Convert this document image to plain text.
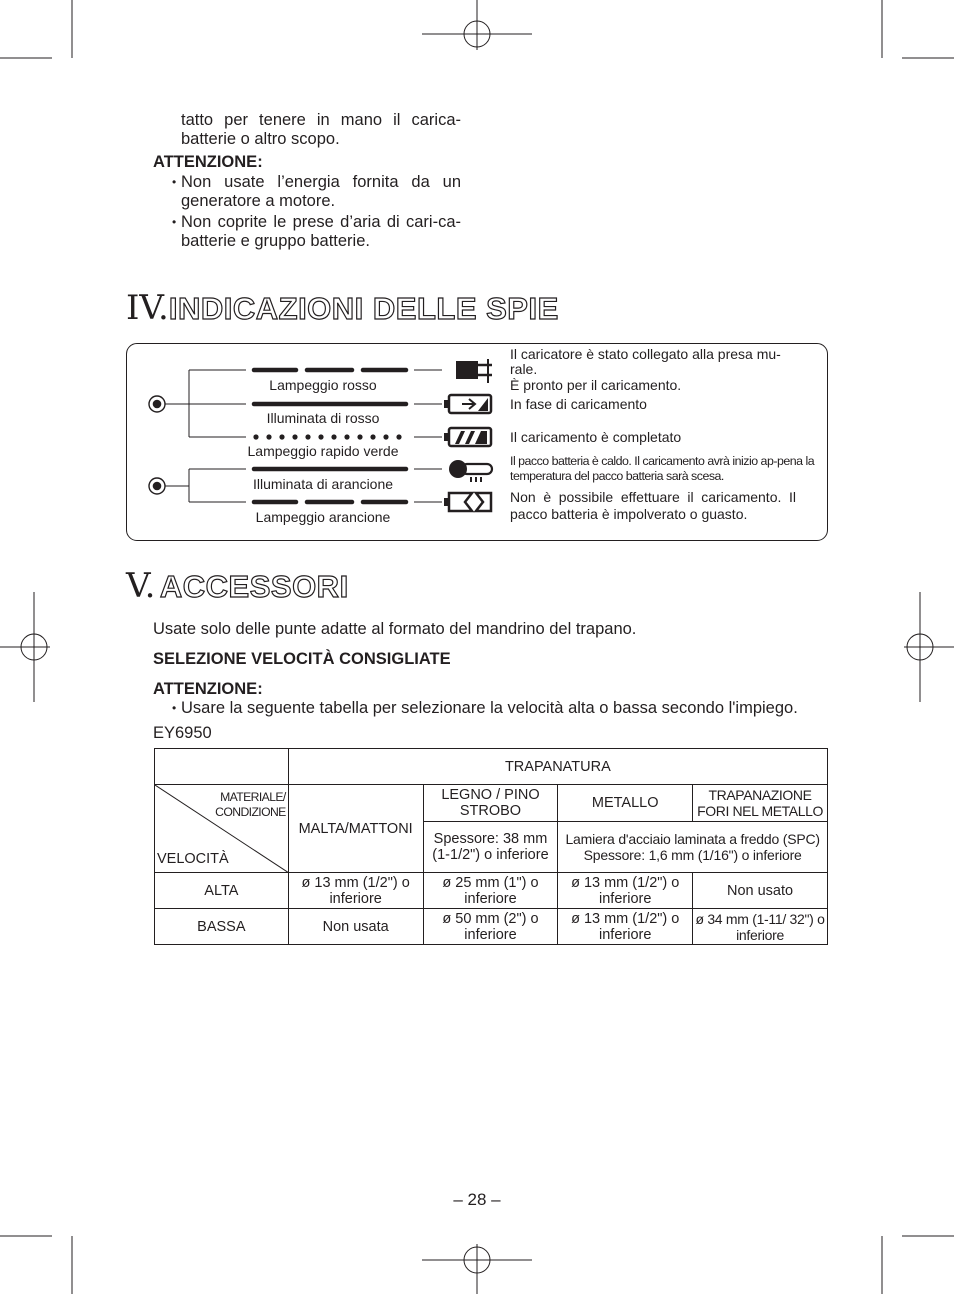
tatto per tenere in mano il carica-batterie o altro scopo.
ATTENZIONE:
• Non usate l’energia fornita da un generatore a motore.
• Non coprite le prese d’aria di cari-ca-batterie e gruppo batterie.
IV.INDICAZIONI DELLE SPIE
Lampeggio rosso
Illuminata di rosso
Lampeggio rapido verde
Illuminata di arancione
Lampeggio arancione
Il caricatore è stato collegato alla presa mu-rale.
È pronto per il caricamento.
In fase di caricamento
Il caricamento è completato
Il pacco batteria è caldo. Il caricamento avrà inizio ap-pena la temperatura del pacco batteria sarà scesa.
Non è possibile effettuare il caricamento. Il pacco batteria è impolverato o guasto.
V. ACCESSORI
Usate solo delle punte adatte al formato del mandrino del trapano.
SELEZIONE VELOCITÀ CONSIGLIATE
ATTENZIONE:
• Usare la seguente tabella per selezionare la velocità alta o bassa secondo l'impiego.
EY6950
	TRAPANATURA			

MATERIALE/ CONDIZIONE
VELOCITÀ	MALTA/MATTONI	LEGNO / PINO STROBO	METALLO	TRAPANAZIONE FORI NEL METALLO
		Spessore: 38 mm (1-1/2") o inferiore	Lamiera d'acciaio laminata a freddo (SPC) Spessore: 1,6 mm (1/16") o inferiore	
ALTA	ø 13 mm (1/2") o inferiore	ø 25 mm (1") o inferiore	ø 13 mm (1/2") o inferiore	Non usato
BASSA	Non usata	ø 50 mm (2") o inferiore	ø 13 mm (1/2") o inferiore	ø 34 mm (1-11/ 32") o inferiore
– 28 –
